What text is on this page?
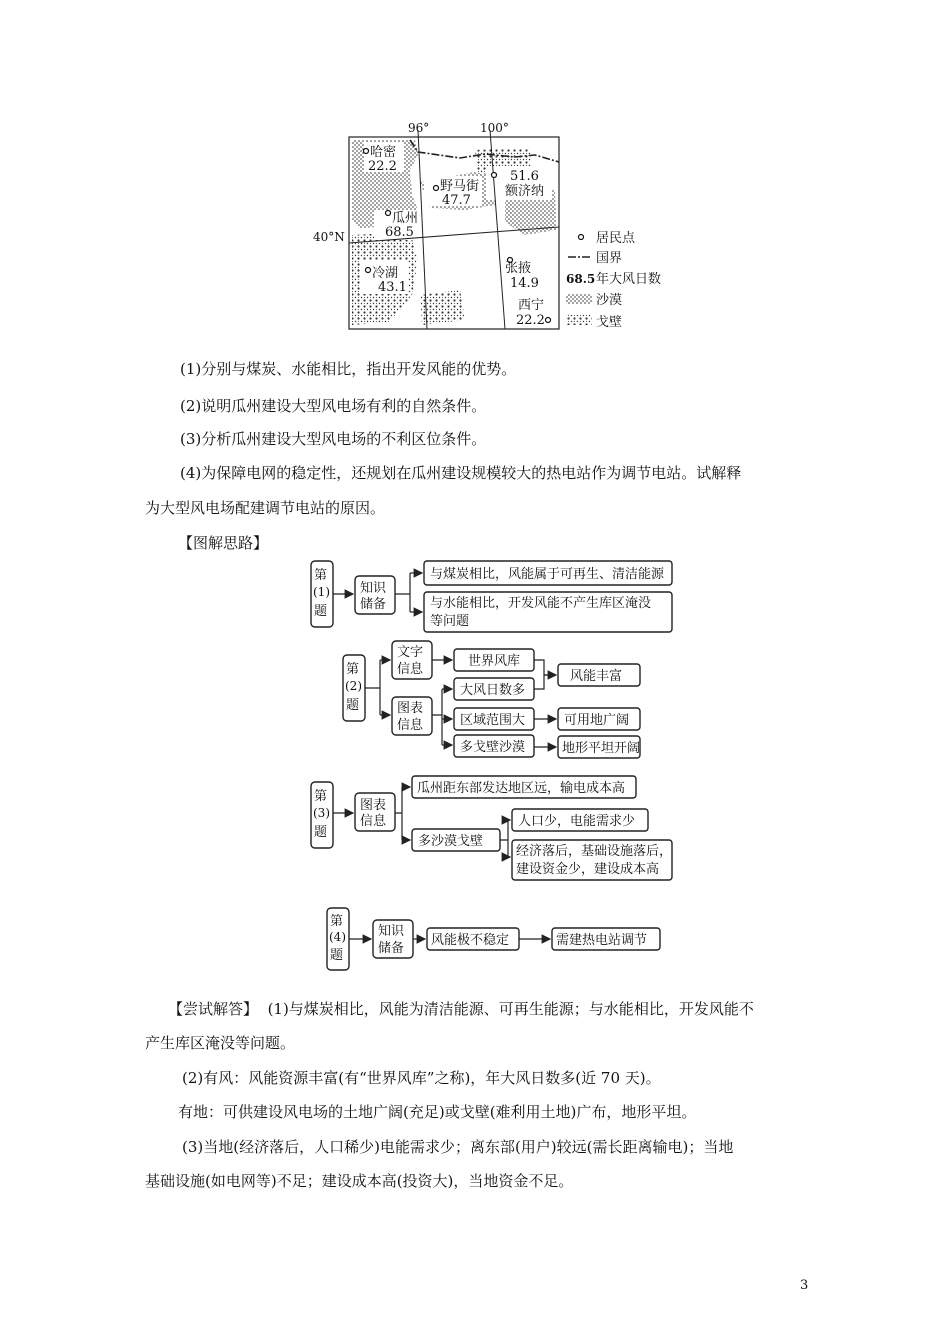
96°	100°
40°N
哈密
22.2
野马街
47.7
51.6
额济纳
瓜州
68.5
冷湖
43.1
张掖
14.9
西宁
22.2
居民点
国界
68.5 年大风日数
沙漠
戈壁
(1)分别与煤炭、水能相比，指出开发风能的优势。
(2)说明瓜州建设大型风电场有利的自然条件。
(3)分析瓜州建设大型风电场的不利区位条件。
(4)为保障电网的稳定性，还规划在瓜州建设规模较大的热电站作为调节电站。试解释
为大型风电场配建调节电站的原因。
【图解思路】
第
(1)
题
知识
储备
与煤炭相比，风能属于可再生、清洁能源
与水能相比，开发风能不产生库区淹没
等问题
第
(2)
题
文字
信息
图表
信息
世界风库
大风日数多
区域范围大
多戈壁沙漠
风能丰富
可用地广阔
地形平坦开阔
第
(3)
题
图表
信息
瓜州距东部发达地区远，输电成本高
多沙漠戈壁
人口少，电能需求少
经济落后，基础设施落后，
建设资金少，建设成本高
第
(4)
题
知识
储备
风能极不稳定	需建热电站调节
【尝试解答】 (1)与煤炭相比，风能为清洁能源、可再生能源；与水能相比，开发风能不
产生库区淹没等问题。
(2)有风：风能资源丰富(有“世界风库”之称)，年大风日数多(近 70 天)。
有地：可供建设风电场的土地广阔(充足)或戈壁(难利用土地)广布，地形平坦。
(3)当地(经济落后，人口稀少)电能需求少；离东部(用户)较远(需长距离输电)；当地
基础设施(如电网等)不足；建设成本高(投资大)，当地资金不足。
3
